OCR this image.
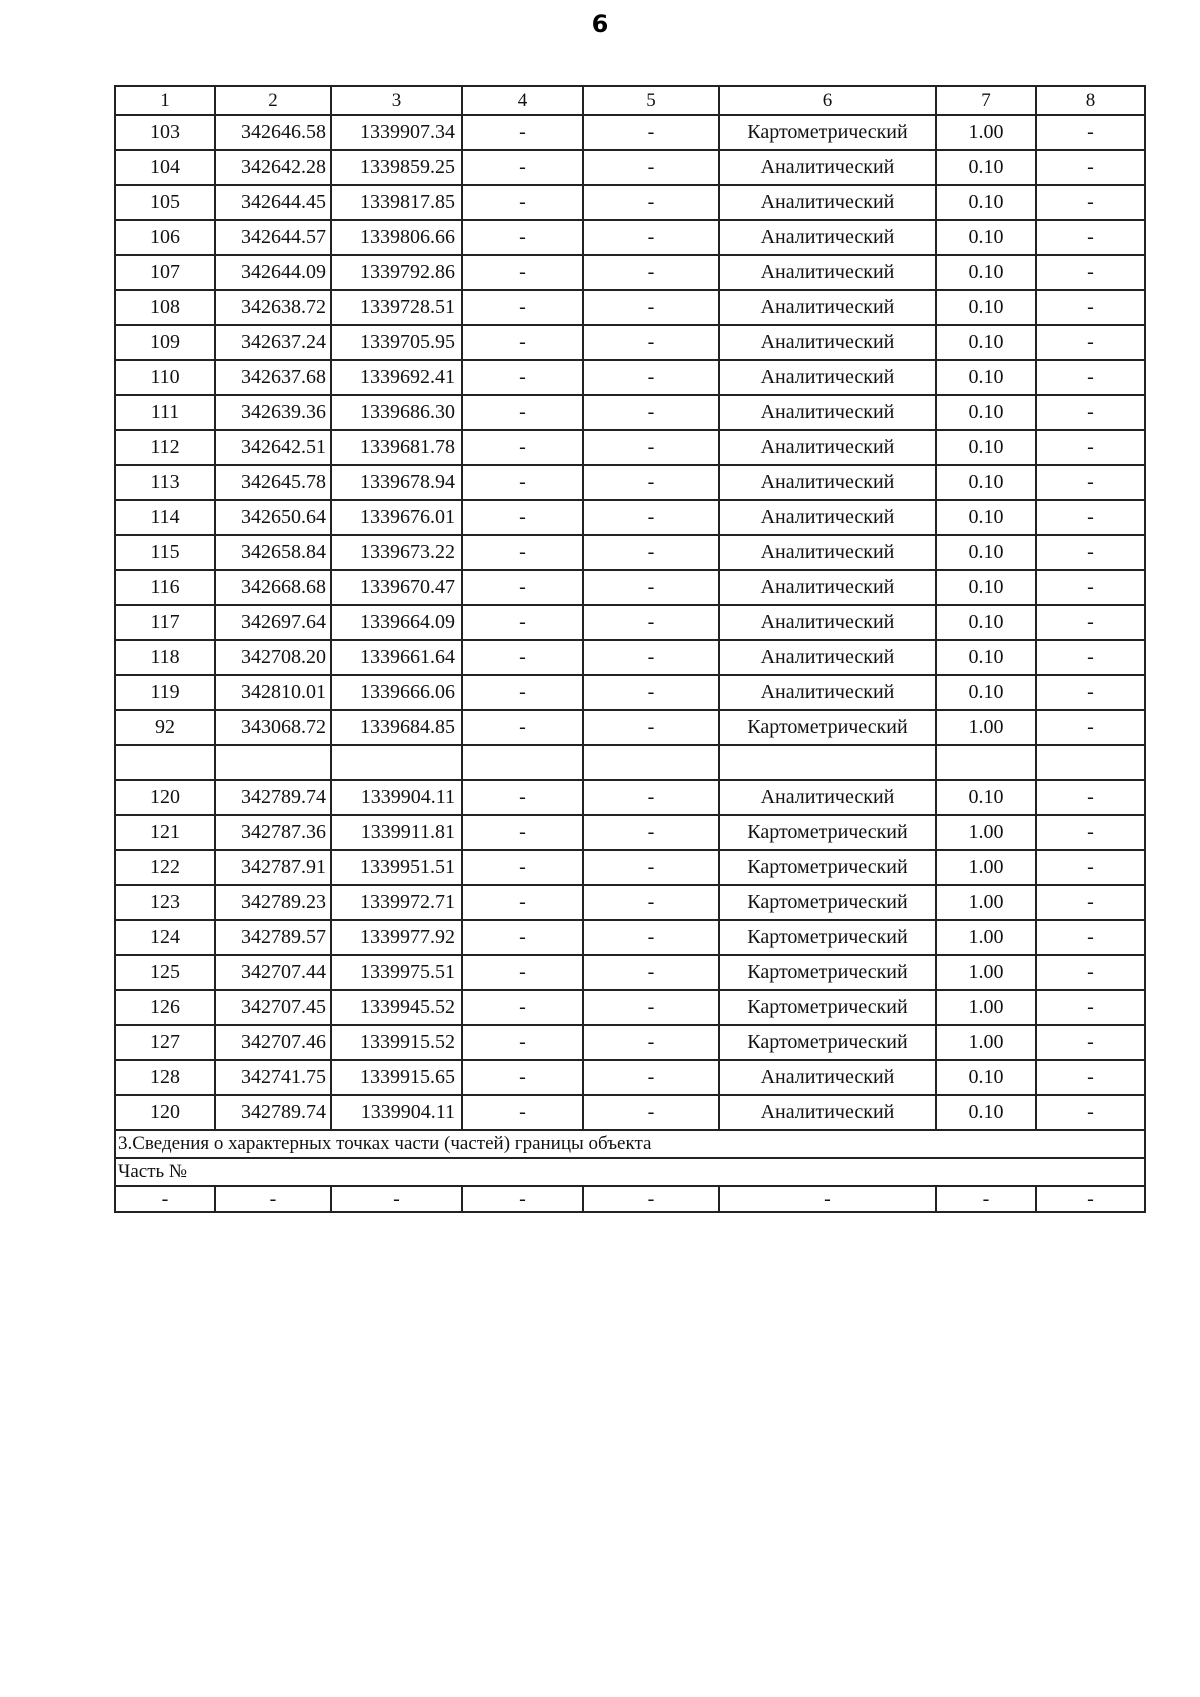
6
1	2	3	4	5	6	7	8
103	342646.58	1339907.34	-	-	Картометрический	1.00	-
104	342642.28	1339859.25	-	-	Аналитический	0.10	-
105	342644.45	1339817.85	-	-	Аналитический	0.10	-
106	342644.57	1339806.66	-	-	Аналитический	0.10	-
107	342644.09	1339792.86	-	-	Аналитический	0.10	-
108	342638.72	1339728.51	-	-	Аналитический	0.10	-
109	342637.24	1339705.95	-	-	Аналитический	0.10	-
110	342637.68	1339692.41	-	-	Аналитический	0.10	-
111	342639.36	1339686.30	-	-	Аналитический	0.10	-
112	342642.51	1339681.78	-	-	Аналитический	0.10	-
113	342645.78	1339678.94	-	-	Аналитический	0.10	-
114	342650.64	1339676.01	-	-	Аналитический	0.10	-
115	342658.84	1339673.22	-	-	Аналитический	0.10	-
116	342668.68	1339670.47	-	-	Аналитический	0.10	-
117	342697.64	1339664.09	-	-	Аналитический	0.10	-
118	342708.20	1339661.64	-	-	Аналитический	0.10	-
119	342810.01	1339666.06	-	-	Аналитический	0.10	-
92	343068.72	1339684.85	-	-	Картометрический	1.00	-

120	342789.74	1339904.11	-	-	Аналитический	0.10	-
121	342787.36	1339911.81	-	-	Картометрический	1.00	-
122	342787.91	1339951.51	-	-	Картометрический	1.00	-
123	342789.23	1339972.71	-	-	Картометрический	1.00	-
124	342789.57	1339977.92	-	-	Картометрический	1.00	-
125	342707.44	1339975.51	-	-	Картометрический	1.00	-
126	342707.45	1339945.52	-	-	Картометрический	1.00	-
127	342707.46	1339915.52	-	-	Картометрический	1.00	-
128	342741.75	1339915.65	-	-	Аналитический	0.10	-
120	342789.74	1339904.11	-	-	Аналитический	0.10	-
3.Сведения о характерных точках части (частей) границы объекта							
Часть №							
-	-	-	-	-	-	-	-
